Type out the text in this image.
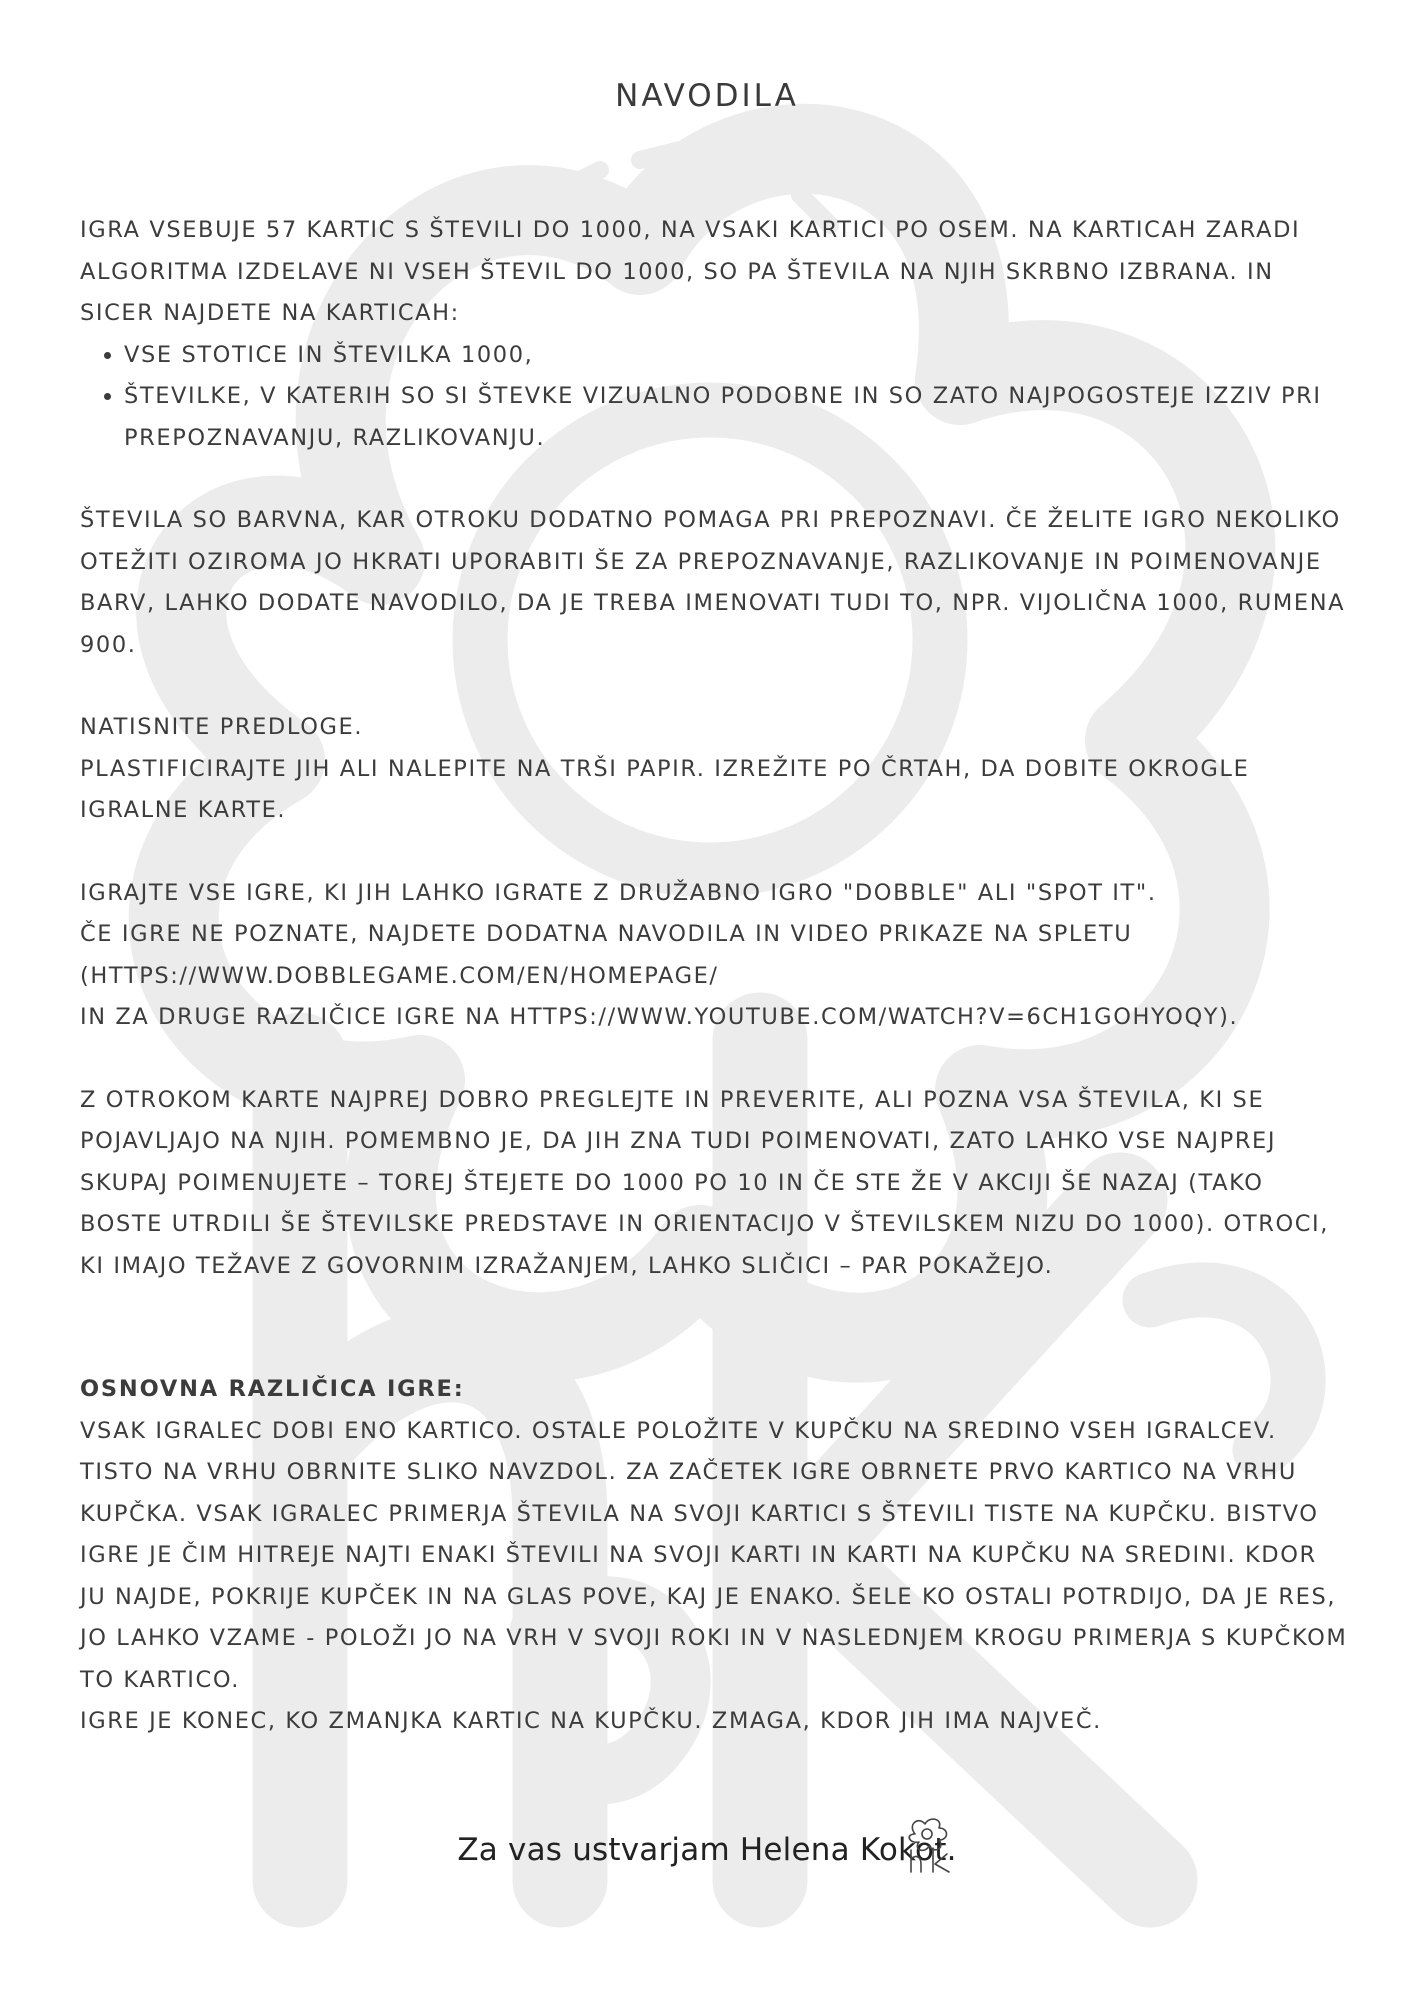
NAVODILA

IGRA VSEBUJE 57 KARTIC S ŠTEVILI DO 1000, NA VSAKI KARTICI PO OSEM. NA KARTICAH ZARADI ALGORITMA IZDELAVE NI VSEH ŠTEVIL DO 1000, SO PA ŠTEVILA NA NJIH SKRBNO IZBRANA. IN SICER NAJDETE NA KARTICAH:

• VSE STOTICE IN ŠTEVILKA 1000,
• ŠTEVILKE, V KATERIH SO SI ŠTEVKE VIZUALNO PODOBNE IN SO ZATO NAJPOGOSTEJE IZZIV PRI PREPOZNAVANJU, RAZLIKOVANJU.

ŠTEVILA SO BARVNA, KAR OTROKU DODATNO POMAGA PRI PREPOZNAVI. ČE ŽELITE IGRO NEKOLIKO OTEŽITI OZIROMA JO HKRATI UPORABITI ŠE ZA PREPOZNAVANJE, RAZLIKOVANJE IN POIMENOVANJE BARV, LAHKO DODATE NAVODILO, DA JE TREBA IMENOVATI TUDI TO, NPR. VIJOLIČNA 1000, RUMENA 900.

NATISNITE PREDLOGE.

PLASTIFICIRAJTE JIH ALI NALEPITE NA TRŠI PAPIR. IZREŽITE PO ČRTAH, DA DOBITE OKROGLE IGRALNE KARTE.

IGRAJTE VSE IGRE, KI JIH LAHKO IGRATE Z DRUŽABNO IGRO "DOBBLE" ALI "SPOT IT".

ČE IGRE NE POZNATE, NAJDETE DODATNA NAVODILA IN VIDEO PRIKAZE NA SPLETU

(HTTPS://WWW.DOBBLEGAME.COM/EN/HOMEPAGE/

IN ZA DRUGE RAZLIČICE IGRE NA HTTPS://WWW.YOUTUBE.COM/WATCH?V=6CH1GOHYOQY).

Z OTROKOM KARTE NAJPREJ DOBRO PREGLEJTE IN PREVERITE, ALI POZNA VSA ŠTEVILA, KI SE POJAVLJAJO NA NJIH. POMEMBNO JE, DA JIH ZNA TUDI POIMENOVATI, ZATO LAHKO VSE NAJPREJ SKUPAJ POIMENUJETE – TOREJ ŠTEJETE DO 1000 PO 10 IN ČE STE ŽE V AKCIJI ŠE NAZAJ (TAKO BOSTE UTRDILI ŠE ŠTEVILSKE PREDSTAVE IN ORIENTACIJO V ŠTEVILSKEM NIZU DO 1000). OTROCI, KI IMAJO TEŽAVE Z GOVORNIM IZRAŽANJEM, LAHKO SLIČICI – PAR POKAŽEJO.

OSNOVNA RAZLIČICA IGRE:

VSAK IGRALEC DOBI ENO KARTICO. OSTALE POLOŽITE V KUPČKU NA SREDINO VSEH IGRALCEV. TISTO NA VRHU OBRNITE SLIKO NAVZDOL. ZA ZAČETEK IGRE OBRNETE PRVO KARTICO NA VRHU KUPČKA. VSAK IGRALEC PRIMERJA ŠTEVILA NA SVOJI KARTICI S ŠTEVILI TISTE NA KUPČKU. BISTVO IGRE JE ČIM HITREJE NAJTI ENAKI ŠTEVILI NA SVOJI KARTI IN KARTI NA KUPČKU NA SREDINI. KDOR JU NAJDE, POKRIJE KUPČEK IN NA GLAS POVE, KAJ JE ENAKO. ŠELE KO OSTALI POTRDIJO, DA JE RES, JO LAHKO VZAME - POLOŽI JO NA VRH V SVOJI ROKI IN V NASLEDNJEM KROGU PRIMERJA S KUPČKOM TO KARTICO.

IGRE JE KONEC, KO ZMANJKA KARTIC NA KUPČKU. ZMAGA, KDOR JIH IMA NAJVEČ.

Za vas ustvarjam Helena Kokot.
